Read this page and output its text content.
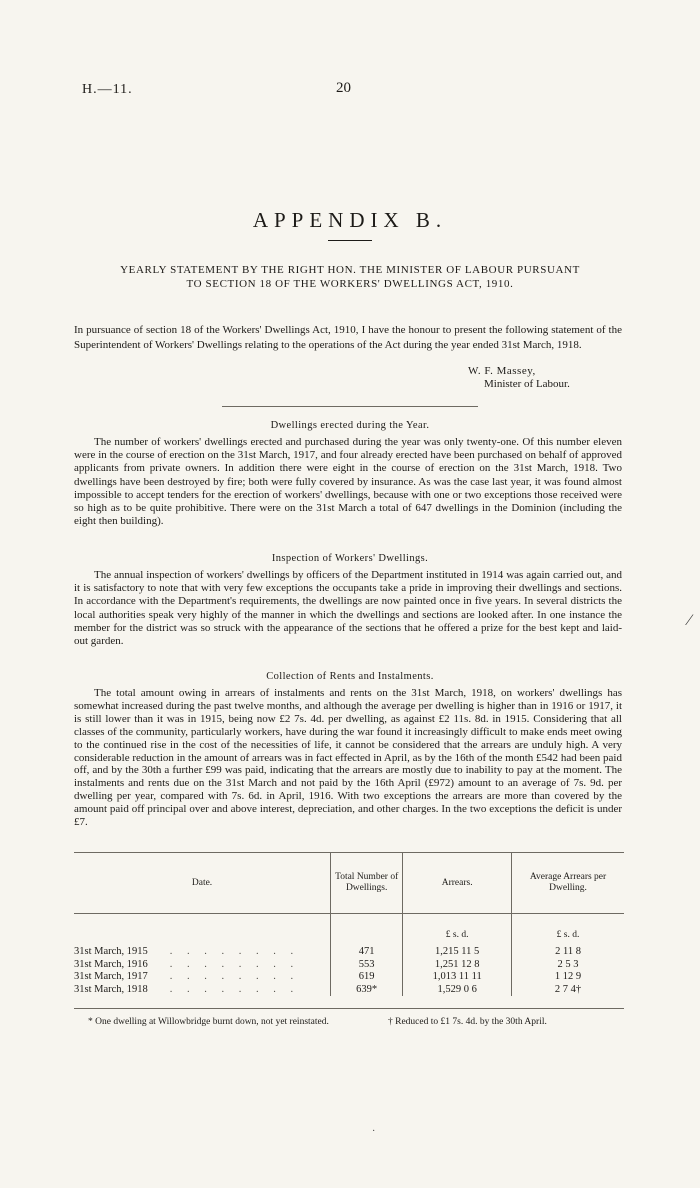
H.—11.	20
APPENDIX B.
YEARLY STATEMENT BY THE RIGHT HON. THE MINISTER OF LABOUR PURSUANT
TO SECTION 18 OF THE WORKERS' DWELLINGS ACT, 1910.
In pursuance of section 18 of the Workers' Dwellings Act, 1910, I have the honour to present the following statement of the Superintendent of Workers' Dwellings relating to the operations of the Act during the year ended 31st March, 1918.
W. F. Massey,
Minister of Labour.
Dwellings erected during the Year.
The number of workers' dwellings erected and purchased during the year was only twenty-one. Of this number eleven were in the course of erection on the 31st March, 1917, and four already erected have been purchased on behalf of approved applicants from private owners. In addition there were eight in the course of erection on the 31st March, 1918. Two dwellings have been destroyed by fire; both were fully covered by insurance. As was the case last year, it was found almost impossible to accept tenders for the erection of workers' dwellings, because with one or two exceptions those received were so high as to be quite prohibitive. There were on the 31st March a total of 647 dwellings in the Dominion (including the eight then building).
Inspection of Workers' Dwellings.
The annual inspection of workers' dwellings by officers of the Department instituted in 1914 was again carried out, and it is satisfactory to note that with very few exceptions the occupants take a pride in improving their dwellings and sections. In accordance with the Department's requirements, the dwellings are now painted once in five years. In several districts the local authorities speak very highly of the manner in which the dwellings and sections are looked after. In one instance the member for the district was so struck with the appearance of the sections that he offered a prize for the best kept and laid-out garden.
Collection of Rents and Instalments.
The total amount owing in arrears of instalments and rents on the 31st March, 1918, on workers' dwellings has somewhat increased during the past twelve months, and although the average per dwelling is higher than in 1916 or 1917, it is still lower than it was in 1915, being now £2 7s. 4d. per dwelling, as against £2 11s. 8d. in 1915. Considering that all classes of the community, particularly workers, have during the war found it increasingly difficult to make ends meet owing to the continued rise in the cost of the necessities of life, it cannot be considered that the arrears are unduly high. A very considerable reduction in the amount of arrears was in fact effected in April, as by the 16th of the month £542 had been paid off, and by the 30th a further £99 was paid, indicating that the arrears are mostly due to inability to pay at the moment. The instalments and rents due on the 31st March and not paid by the 16th April (£972) amount to an average of 7s. 9d. per dwelling per year, compared with 7s. 6d. in April, 1916. With two exceptions the arrears are more than covered by the amount paid off principal over and above interest, depreciation, and other charges. In the two exceptions the deficit is under £7.
Date.	Total Number of Dwellings.	Arrears.	Average Arrears per Dwelling.
		£ s. d.	£ s. d.
31st March, 1915 . . . . . . . .	471	1,215 11 5	2 11 8
31st March, 1916 . . . . . . . .	553	1,251 12 8	2 5 3
31st March, 1917 . . . . . . . .	619	1,013 11 11	1 12 9
31st March, 1918 . . . . . . . .	639*	1,529 0 6	2 7 4†
* One dwelling at Willowbridge burnt down, not yet reinstated.	† Reduced to £1 7s. 4d. by the 30th April.
⁄
·
